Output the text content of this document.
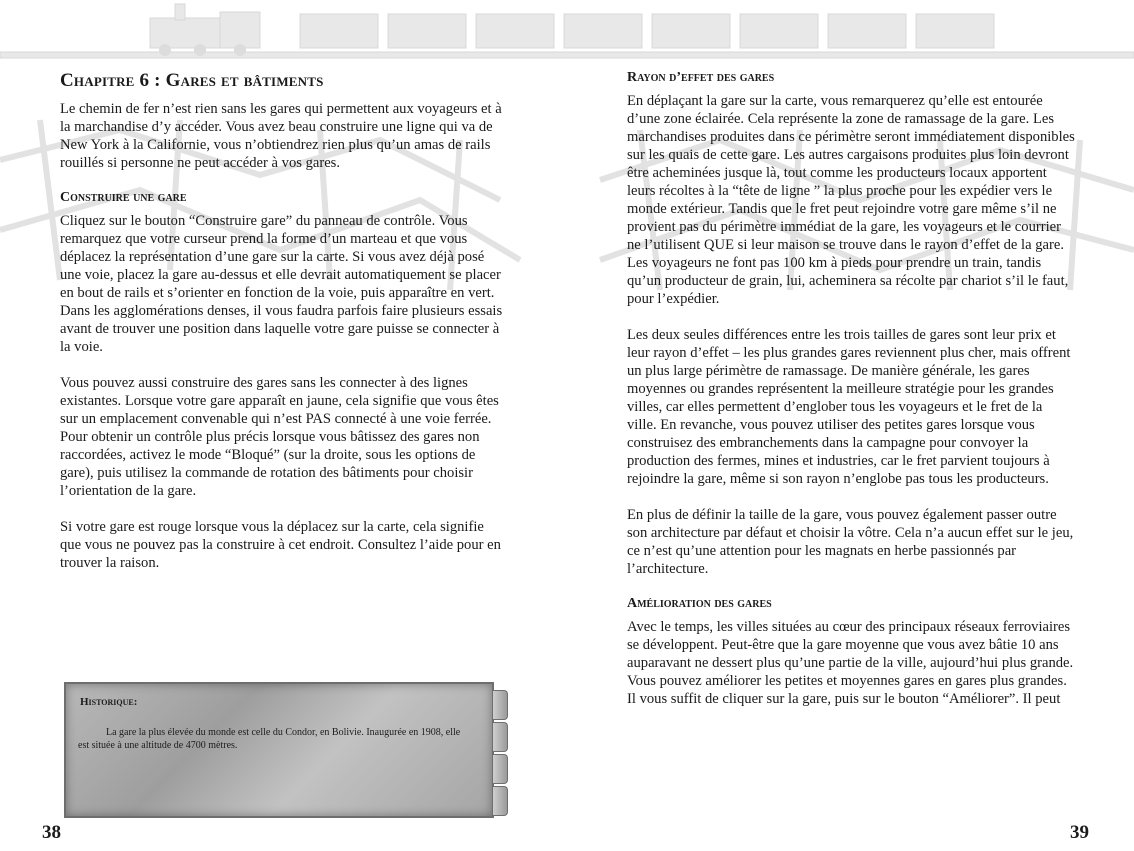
Chapitre 6 : Gares et bâtiments

Le chemin de fer n’est rien sans les gares qui permettent aux voyageurs et à la marchandise d’y accéder. Vous avez beau construire une ligne qui va de New York à la Californie, vous n’obtiendrez rien plus qu’un amas de rails rouillés si personne ne peut accéder à vos gares.

Construire une gare

Cliquez sur le bouton “Construire gare” du panneau de contrôle. Vous remarquez que votre curseur prend la forme d’un marteau et que vous déplacez la représentation d’une gare sur la carte. Si vous avez déjà posé une voie, placez la gare au-dessus et elle devrait automatiquement se placer en bout de rails et s’orienter en fonction de la voie, puis apparaître en vert. Dans les agglomérations denses, il vous faudra parfois faire plusieurs essais avant de trouver une position dans laquelle votre gare puisse se connecter à la voie.

Vous pouvez aussi construire des gares sans les connecter à des lignes existantes. Lorsque votre gare apparaît en jaune, cela signifie que vous êtes sur un emplacement convenable qui n’est PAS connecté à une voie ferrée. Pour obtenir un contrôle plus précis lorsque vous bâtissez des gares non raccordées, activez le mode “Bloqué” (sur la droite, sous les options de gare), puis utilisez la commande de rotation des bâtiments pour choisir l’orientation de la gare.

Si votre gare est rouge lorsque vous la déplacez sur la carte, cela signifie que vous ne pouvez pas la construire à cet endroit. Consultez l’aide pour en trouver la raison.

Historique:
La gare la plus élevée du monde est celle du Condor, en Bolivie. Inaugurée en 1908, elle est située à une altitude de 4700 mètres.
38
Rayon d’effet des gares

En déplaçant la gare sur la carte, vous remarquerez qu’elle est entourée d’une zone éclairée. Cela représente la zone de ramassage de la gare. Les marchandises produites dans ce périmètre seront immédiatement disponibles sur les quais de cette gare. Les autres cargaisons produites plus loin devront être acheminées jusque là, tout comme les producteurs locaux apportent leurs récoltes à la “tête de ligne ” la plus proche pour les expédier vers le monde extérieur. Tandis que le fret peut rejoindre votre gare même s’il ne provient pas du périmètre immédiat de la gare, les voyageurs et le courrier ne l’utilisent QUE si leur maison se trouve dans le rayon d’effet de la gare. Les voyageurs ne font pas 100 km à pieds pour prendre un train, tandis qu’un producteur de grain, lui, acheminera sa récolte par chariot s’il le faut, pour l’expédier.

Les deux seules différences entre les trois tailles de gares sont leur prix et leur rayon d’effet – les plus grandes gares reviennent plus cher, mais offrent un plus large périmètre de ramassage. De manière générale, les gares moyennes ou grandes représentent la meilleure stratégie pour les grandes villes, car elles permettent d’englober tous les voyageurs et le fret de la ville. En revanche, vous pouvez utiliser des petites gares lorsque vous construisez des embranchements dans la campagne pour convoyer la production des fermes, mines et industries, car le fret parvient toujours à rejoindre la gare, même si son rayon n’englobe pas tous les producteurs.

En plus de définir la taille de la gare, vous pouvez également passer outre son architecture par défaut et choisir la vôtre. Cela n’a aucun effet sur le jeu, ce n’est qu’une attention pour les magnats en herbe passionnés par l’architecture.

Amélioration des gares

Avec le temps, les villes situées au cœur des principaux réseaux ferroviaires se développent. Peut-être que la gare moyenne que vous avez bâtie 10 ans auparavant ne dessert plus qu’une partie de la ville, aujourd’hui plus grande. Vous pouvez améliorer les petites et moyennes gares en gares plus grandes. Il vous suffit de cliquer sur la gare, puis sur le bouton “Améliorer”. Il peut

39
